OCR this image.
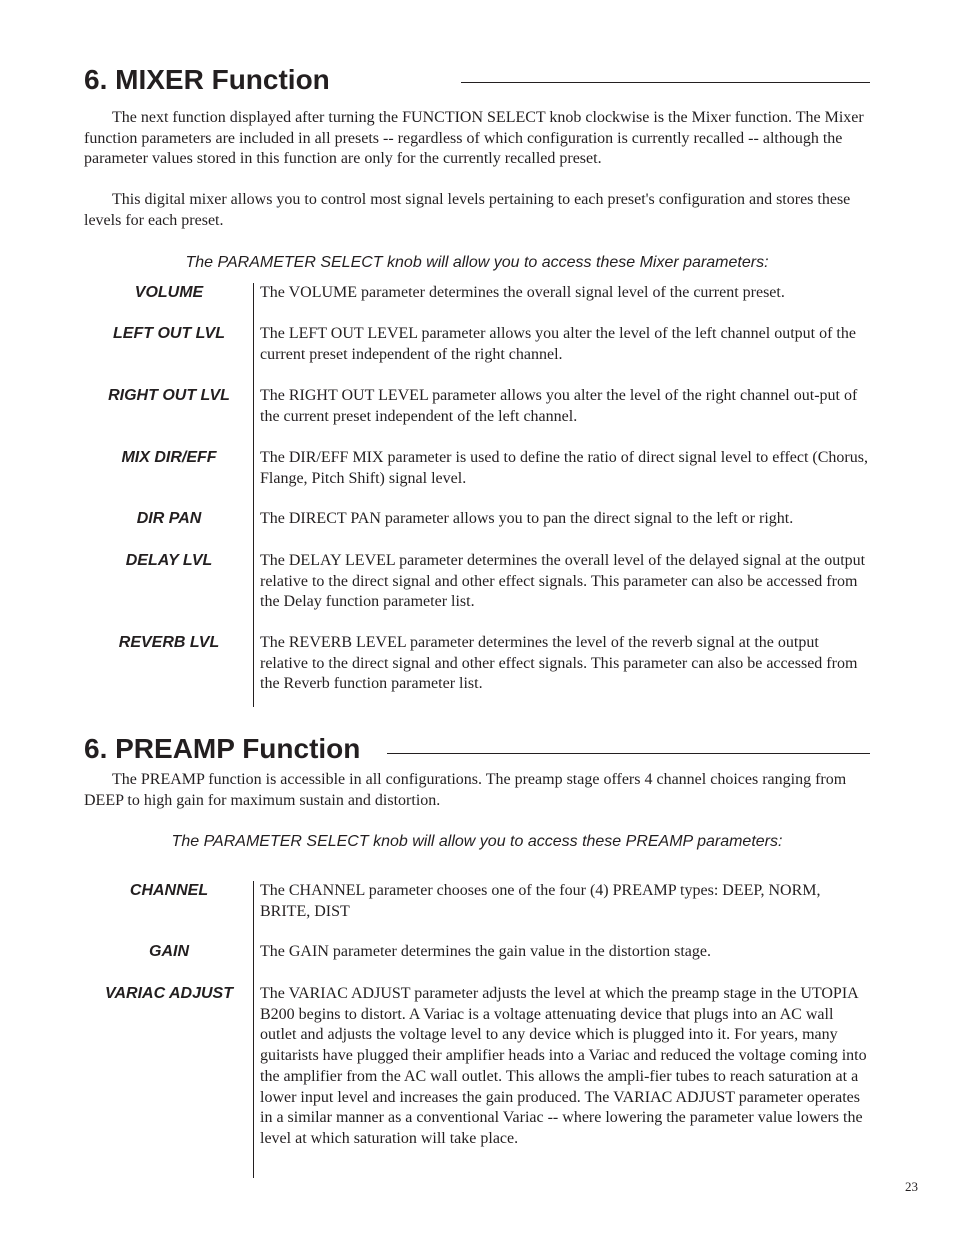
6. MIXER Function

The next function displayed after turning the FUNCTION SELECT knob clockwise is the Mixer function. The Mixer function parameters are included in all presets -- regardless of which configuration is currently recalled -- although the parameter values stored in this function are only for the currently recalled preset.

This digital mixer allows you to control most signal levels pertaining to each preset's configuration and stores these levels for each preset.

The PARAMETER SELECT knob will allow you to access these Mixer parameters:

VOLUME	The VOLUME parameter determines the overall signal level of the current preset.

LEFT OUT LVL	The LEFT OUT LEVEL parameter allows you alter the level of the left channel output of the current preset independent of the right channel.

RIGHT OUT LVL	The RIGHT OUT LEVEL parameter allows you alter the level of the right channel out-put of the current preset independent of the left channel.

MIX DIR/EFF	The DIR/EFF MIX parameter is used to define the ratio of direct signal level to effect (Chorus, Flange, Pitch Shift) signal level.

DIR PAN	The DIRECT PAN parameter allows you to pan the direct signal to the left or right.

DELAY LVL	The DELAY LEVEL parameter determines the overall level of the delayed signal at the output relative to the direct signal and other effect signals. This parameter can also be accessed from the Delay function parameter list.

REVERB LVL	The REVERB LEVEL parameter determines the level of the reverb signal at the output relative to the direct signal and other effect signals. This parameter can also be accessed from the Reverb function parameter list.

6. PREAMP Function

The PREAMP function is accessible in all configurations. The preamp stage offers 4 channel choices ranging from DEEP to high gain for maximum sustain and distortion.

The PARAMETER SELECT knob will allow you to access these PREAMP parameters:

CHANNEL	The CHANNEL parameter chooses one of the four (4) PREAMP types: DEEP, NORM, BRITE, DIST

GAIN	The GAIN parameter determines the gain value in the distortion stage.

VARIAC ADJUST	The VARIAC ADJUST parameter adjusts the level at which the preamp stage in the UTOPIA B200 begins to distort. A Variac is a voltage attenuating device that plugs into an AC wall outlet and adjusts the voltage level to any device which is plugged into it. For years, many guitarists have plugged their amplifier heads into a Variac and reduced the voltage coming into the amplifier from the AC wall outlet. This allows the ampli-fier tubes to reach saturation at a lower input level and increases the gain produced. The VARIAC ADJUST parameter operates in a similar manner as a conventional Variac -- where lowering the parameter value lowers the level at which saturation will take place.

23
